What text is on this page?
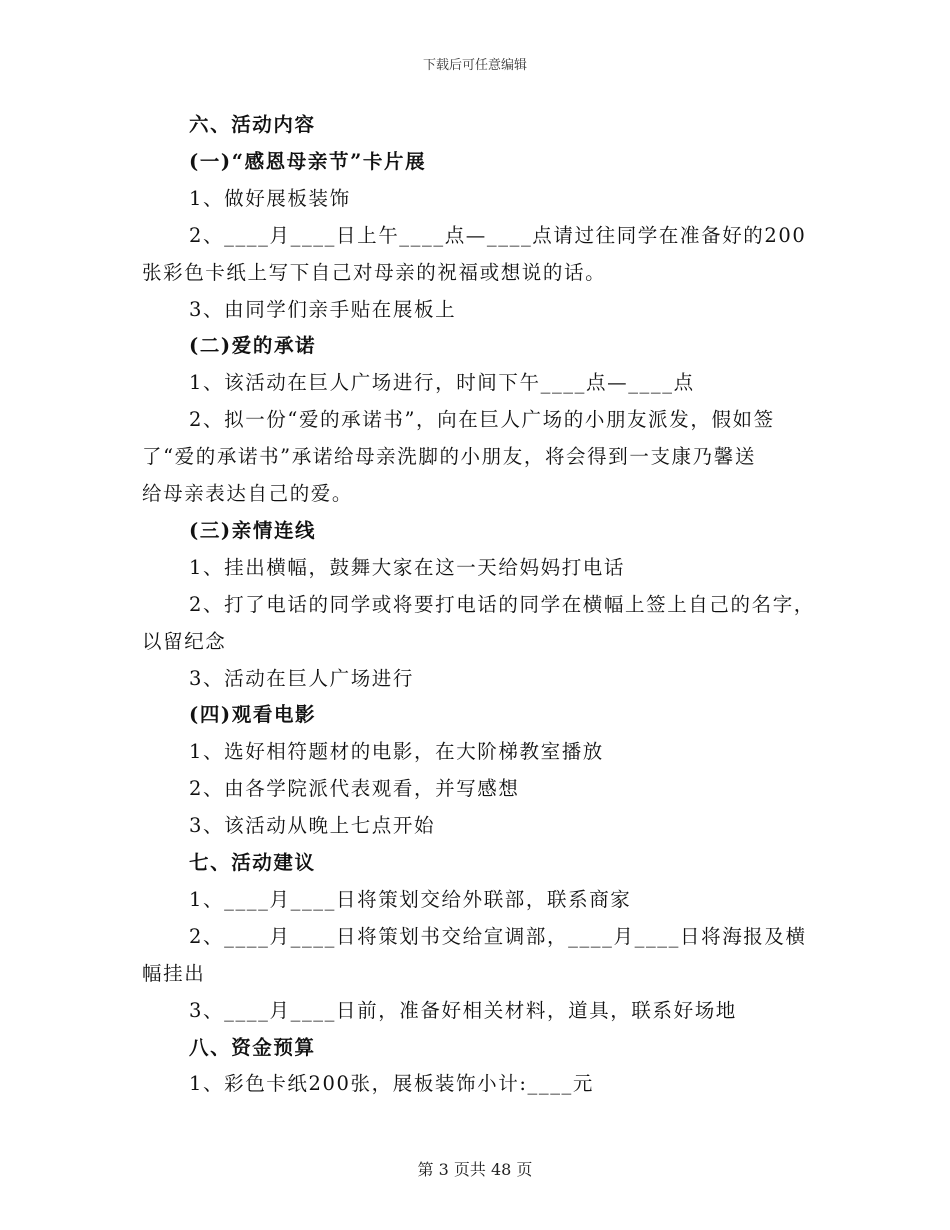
下载后可任意编辑
六、活动内容
(一)“感恩母亲节”卡片展
1、做好展板装饰
2、____月____日上午____点—____点请过往同学在准备好的200
张彩色卡纸上写下自己对母亲的祝福或想说的话。
3、由同学们亲手贴在展板上
(二)爱的承诺
1、该活动在巨人广场进行，时间下午____点—____点
2、拟一份“爱的承诺书”，向在巨人广场的小朋友派发，假如签
了“爱的承诺书”承诺给母亲洗脚的小朋友，将会得到一支康乃馨送
给母亲表达自己的爱。
(三)亲情连线
1、挂出横幅，鼓舞大家在这一天给妈妈打电话
2、打了电话的同学或将要打电话的同学在横幅上签上自己的名字，
以留纪念
3、活动在巨人广场进行
(四)观看电影
1、选好相符题材的电影，在大阶梯教室播放
2、由各学院派代表观看，并写感想
3、该活动从晚上七点开始
七、活动建议
1、____月____日将策划交给外联部，联系商家
2、____月____日将策划书交给宣调部，____月____日将海报及横
幅挂出
3、____月____日前，准备好相关材料，道具，联系好场地
八、资金预算
1、彩色卡纸200张，展板装饰小计:____元
第 3 页共 48 页
